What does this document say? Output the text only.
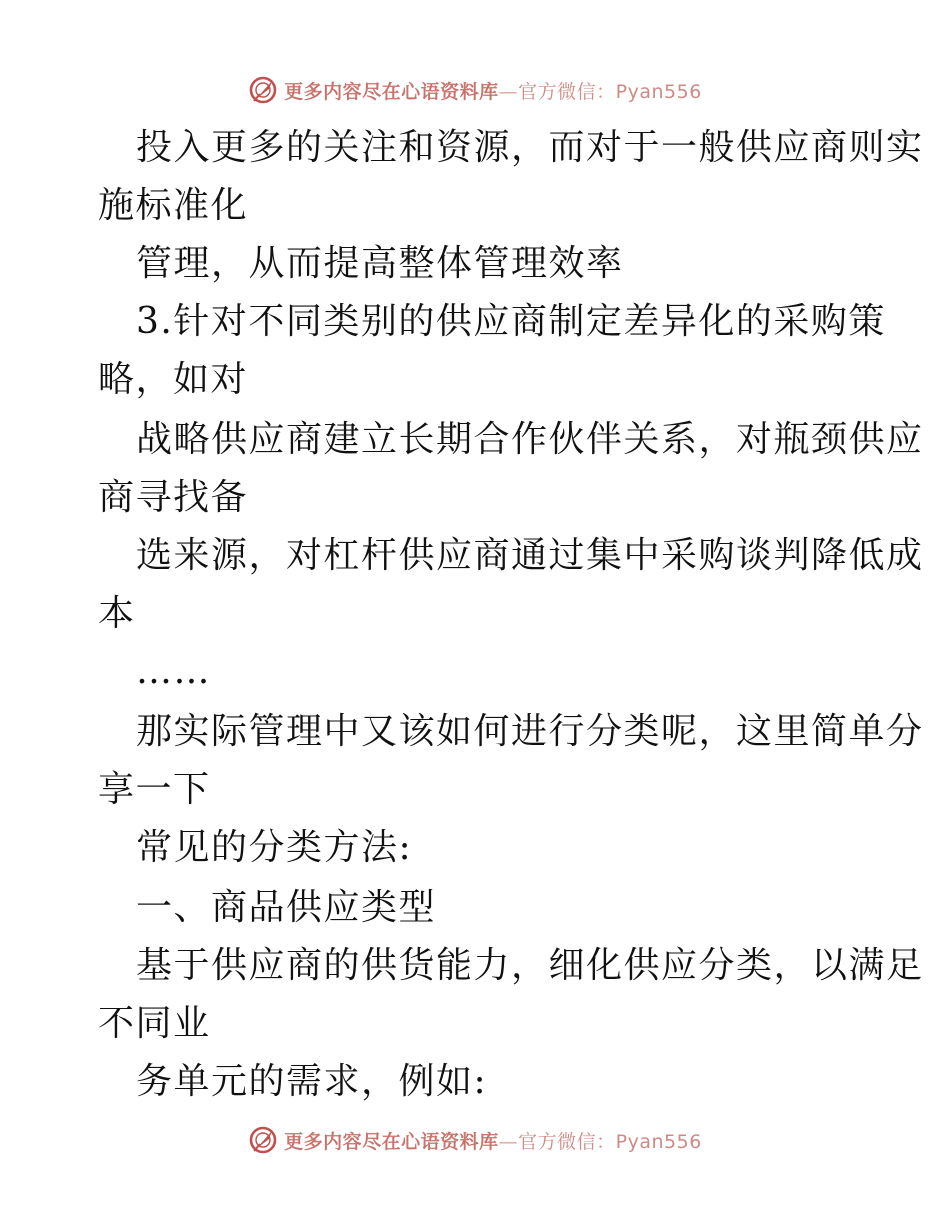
更多内容尽在心语资料库—官方微信：Pyan556
投入更多的关注和资源，而对于一般供应商则实
施标准化
管理，从而提高整体管理效率
3.针对不同类别的供应商制定差异化的采购策
略，如对
战略供应商建立长期合作伙伴关系，对瓶颈供应
商寻找备
选来源，对杠杆供应商通过集中采购谈判降低成
本
……
那实际管理中又该如何进行分类呢，这里简单分
享一下
常见的分类方法:
一、商品供应类型
基于供应商的供货能力，细化供应分类，以满足
不同业
务单元的需求，例如:
更多内容尽在心语资料库—官方微信：Pyan556
